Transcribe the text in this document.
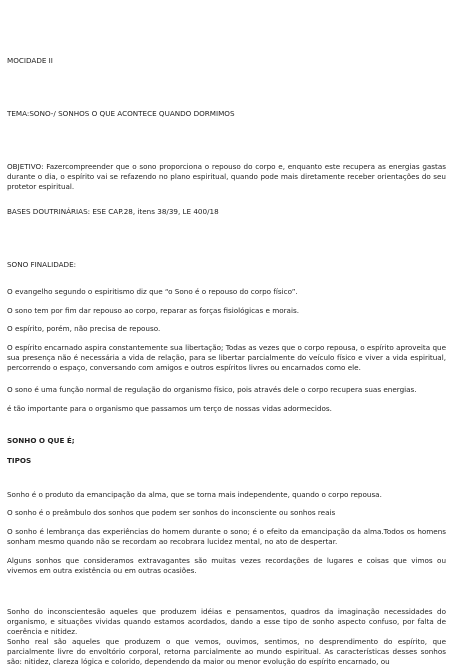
MOCIDADE II
TEMA:SONO-/ SONHOS O QUE ACONTECE QUANDO DORMIMOS
OBJETIVO: Fazercompreender que o sono proporciona o repouso do corpo e, enquanto este recupera as energias gastas durante o dia, o espírito vai se refazendo no plano espiritual, quando pode mais diretamente receber orientações do seu protetor espiritual.
BASES DOUTRINÁRIAS: ESE CAP.28, itens 38/39, LE 400/18
SONO FINALIDADE:
O evangelho segundo o espiritismo diz que “o Sono é o repouso do corpo físico”.
O sono tem por fim dar repouso ao corpo, reparar as forças fisiológicas e morais.
O espírito, porém, não precisa de repouso.
O espírito encarnado aspira constantemente sua libertação; Todas as vezes que o corpo repousa, o espírito aproveita que sua presença não é necessária a vida de relação, para se libertar parcialmente do veículo físico e viver a vida espiritual, percorrendo o espaço, conversando com amigos e outros espíritos livres ou encarnados como ele.
O sono é uma função normal de regulação do organismo físico, pois através dele o corpo recupera suas energias.
é tão importante para o organismo que passamos um terço de nossas vidas adormecidos.
SONHO O QUE É;
TIPOS
Sonho é o produto da emancipação da alma, que se torna mais independente, quando o corpo repousa.
O sonho é o preâmbulo dos sonhos que podem ser sonhos do inconsciente ou sonhos reais
O sonho é lembrança das experiências do homem durante o sono; é o efeito da emancipação da alma.Todos os homens sonham mesmo quando não se recordam ao recobrara lucidez mental, no ato de despertar.
Alguns sonhos que consideramos extravagantes são muitas vezes recordações de lugares e coisas que vimos ou vivemos em outra existência ou em outras ocasiões.
Sonho do inconscientesão aqueles que produzem idéias e pensamentos, quadros da imaginação necessidades do organismo, e situações vividas quando estamos acordados, dando a esse tipo de sonho aspecto confuso, por falta de coerência e nitidez.
Sonho real são aqueles que produzem o que vemos, ouvimos, sentimos, no desprendimento do espírito, que parcialmente livre do envoltório corporal, retorna parcialmente ao mundo espiritual. As características desses sonhos são: nitidez, clareza lógica e colorido, dependendo da maior ou menor evolução do espírito encarnado, ou
